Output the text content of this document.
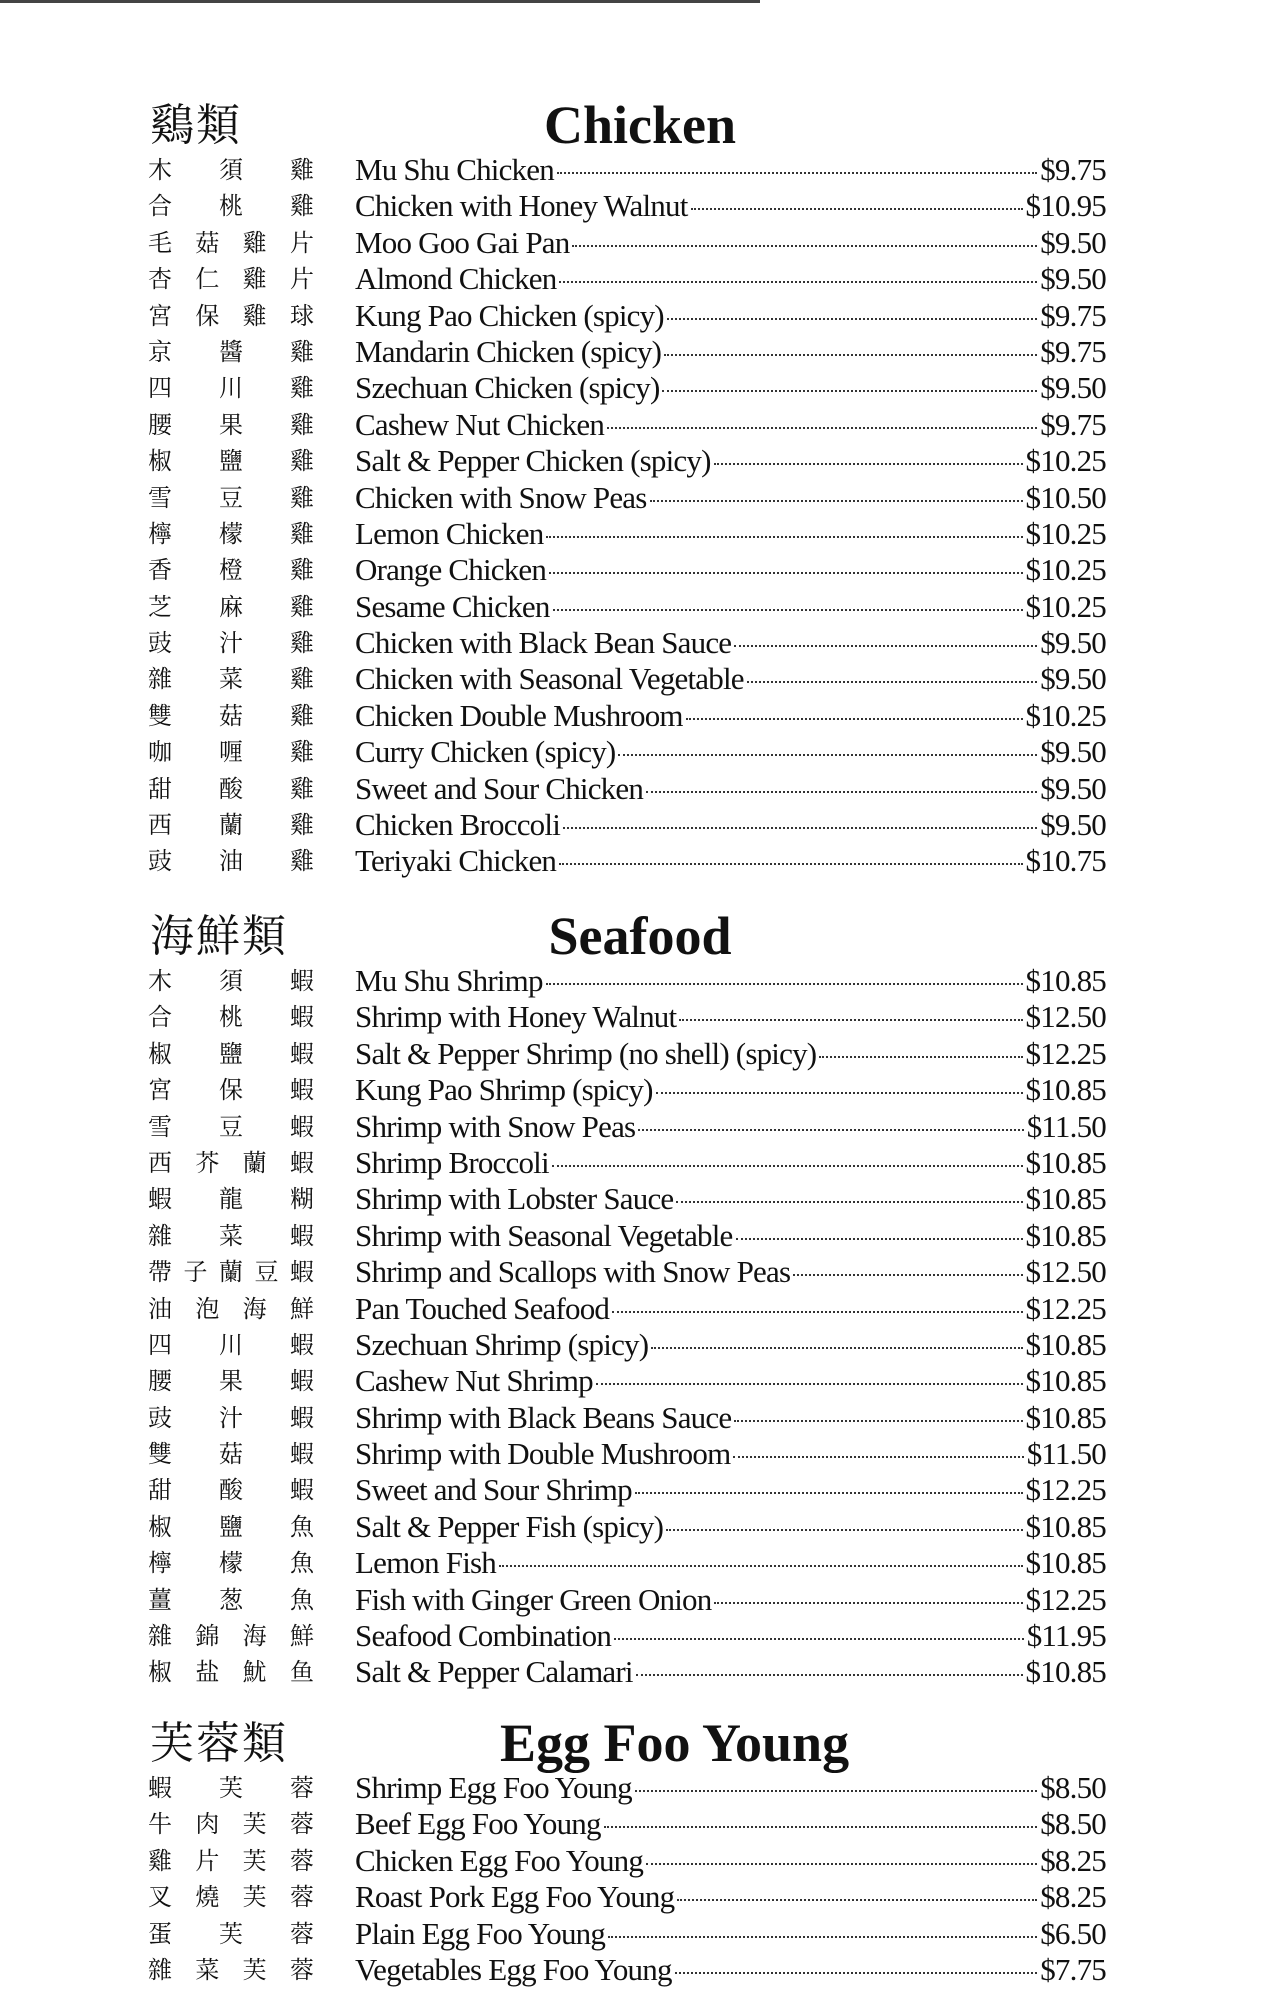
鷄類	Chicken
木須雞 Mu Shu Chicken	$9.75
合桃雞 Chicken with Honey Walnut	$10.95
毛菇雞片 Moo Goo Gai Pan	$9.50
杏仁雞片 Almond Chicken	$9.50
宮保雞球 Kung Pao Chicken (spicy)	$9.75
京醬雞 Mandarin Chicken (spicy)	$9.75
四川雞 Szechuan Chicken (spicy)	$9.50
腰果雞 Cashew Nut Chicken	$9.75
椒鹽雞 Salt & Pepper Chicken (spicy)	$10.25
雪豆雞 Chicken with Snow Peas	$10.50
檸檬雞 Lemon Chicken	$10.25
香橙雞 Orange Chicken	$10.25
芝麻雞 Sesame Chicken	$10.25
豉汁雞 Chicken with Black Bean Sauce	$9.50
雜菜雞 Chicken with Seasonal Vegetable	$9.50
雙菇雞 Chicken Double Mushroom	$10.25
咖喱雞 Curry Chicken (spicy)	$9.50
甜酸雞 Sweet and Sour Chicken	$9.50
西蘭雞 Chicken Broccoli	$9.50
豉油雞 Teriyaki Chicken	$10.75
海鮮類	Seafood
木須蝦 Mu Shu Shrimp	$10.85
合桃蝦 Shrimp with Honey Walnut	$12.50
椒鹽蝦 Salt & Pepper Shrimp (no shell) (spicy)	$12.25
宮保蝦 Kung Pao Shrimp (spicy)	$10.85
雪豆蝦 Shrimp with Snow Peas	$11.50
西芥蘭蝦 Shrimp Broccoli	$10.85
蝦龍糊 Shrimp with Lobster Sauce	$10.85
雜菜蝦 Shrimp with Seasonal Vegetable	$10.85
帶子蘭豆蝦 Shrimp and Scallops with Snow Peas	$12.50
油泡海鮮 Pan Touched Seafood	$12.25
四川蝦 Szechuan Shrimp (spicy)	$10.85
腰果蝦 Cashew Nut Shrimp	$10.85
豉汁蝦 Shrimp with Black Beans Sauce	$10.85
雙菇蝦 Shrimp with Double Mushroom	$11.50
甜酸蝦 Sweet and Sour Shrimp	$12.25
椒鹽魚 Salt & Pepper Fish (spicy)	$10.85
檸檬魚 Lemon Fish	$10.85
薑葱魚 Fish with Ginger Green Onion	$12.25
雜錦海鮮 Seafood Combination	$11.95
椒盐魷鱼 Salt & Pepper Calamari	$10.85
芙蓉類	Egg Foo Young
蝦芙蓉 Shrimp Egg Foo Young	$8.50
牛肉芙蓉 Beef Egg Foo Young	$8.50
雞片芙蓉 Chicken Egg Foo Young	$8.25
叉燒芙蓉 Roast Pork Egg Foo Young	$8.25
蛋芙蓉 Plain Egg Foo Young	$6.50
雜菜芙蓉 Vegetables Egg Foo Young	$7.75
